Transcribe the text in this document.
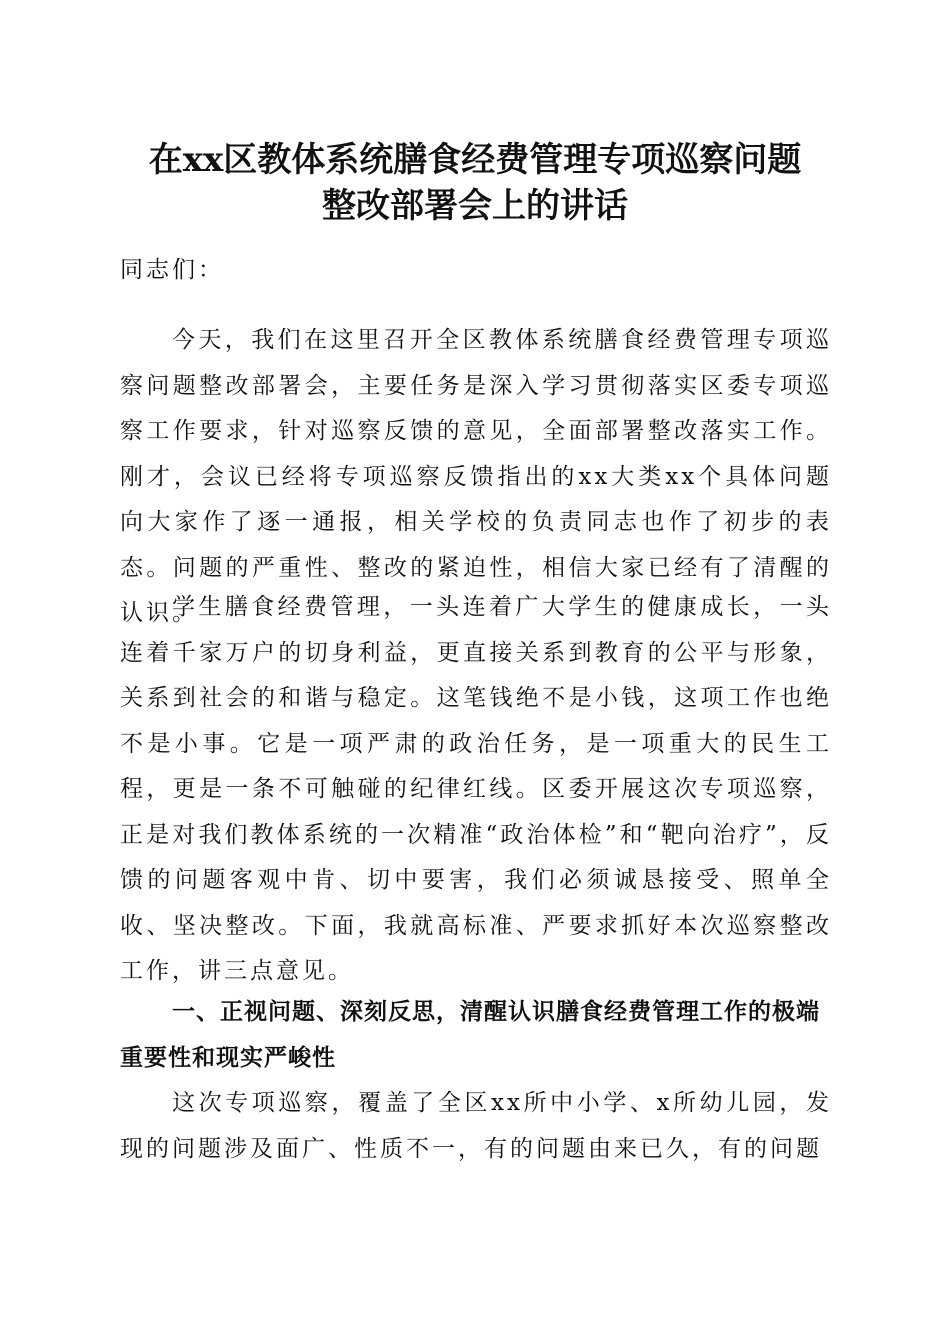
在xx区教体系统膳食经费管理专项巡察问题
整改部署会上的讲话

同志们：

今天，我们在这里召开全区教体系统膳食经费管理专项巡察问题整改部署会，主要任务是深入学习贯彻落实区委专项巡察工作要求，针对巡察反馈的意见，全面部署整改落实工作。刚才，会议已经将专项巡察反馈指出的xx大类xx个具体问题向大家作了逐一通报，相关学校的负责同志也作了初步的表态。问题的严重性、整改的紧迫性，相信大家已经有了清醒的认识。

学生膳食经费管理，一头连着广大学生的健康成长，一头连着千家万户的切身利益，更直接关系到教育的公平与形象，关系到社会的和谐与稳定。这笔钱绝不是小钱，这项工作也绝不是小事。它是一项严肃的政治任务，是一项重大的民生工程，更是一条不可触碰的纪律红线。区委开展这次专项巡察，正是对我们教体系统的一次精准“政治体检”和“靶向治疗”，反馈的问题客观中肯、切中要害，我们必须诚恳接受、照单全收、坚决整改。下面，我就高标准、严要求抓好本次巡察整改工作，讲三点意见。

一、正视问题、深刻反思，清醒认识膳食经费管理工作的极端重要性和现实严峻性

这次专项巡察，覆盖了全区xx所中小学、x所幼儿园，发现的问题涉及面广、性质不一，有的问题由来已久，有的问题
